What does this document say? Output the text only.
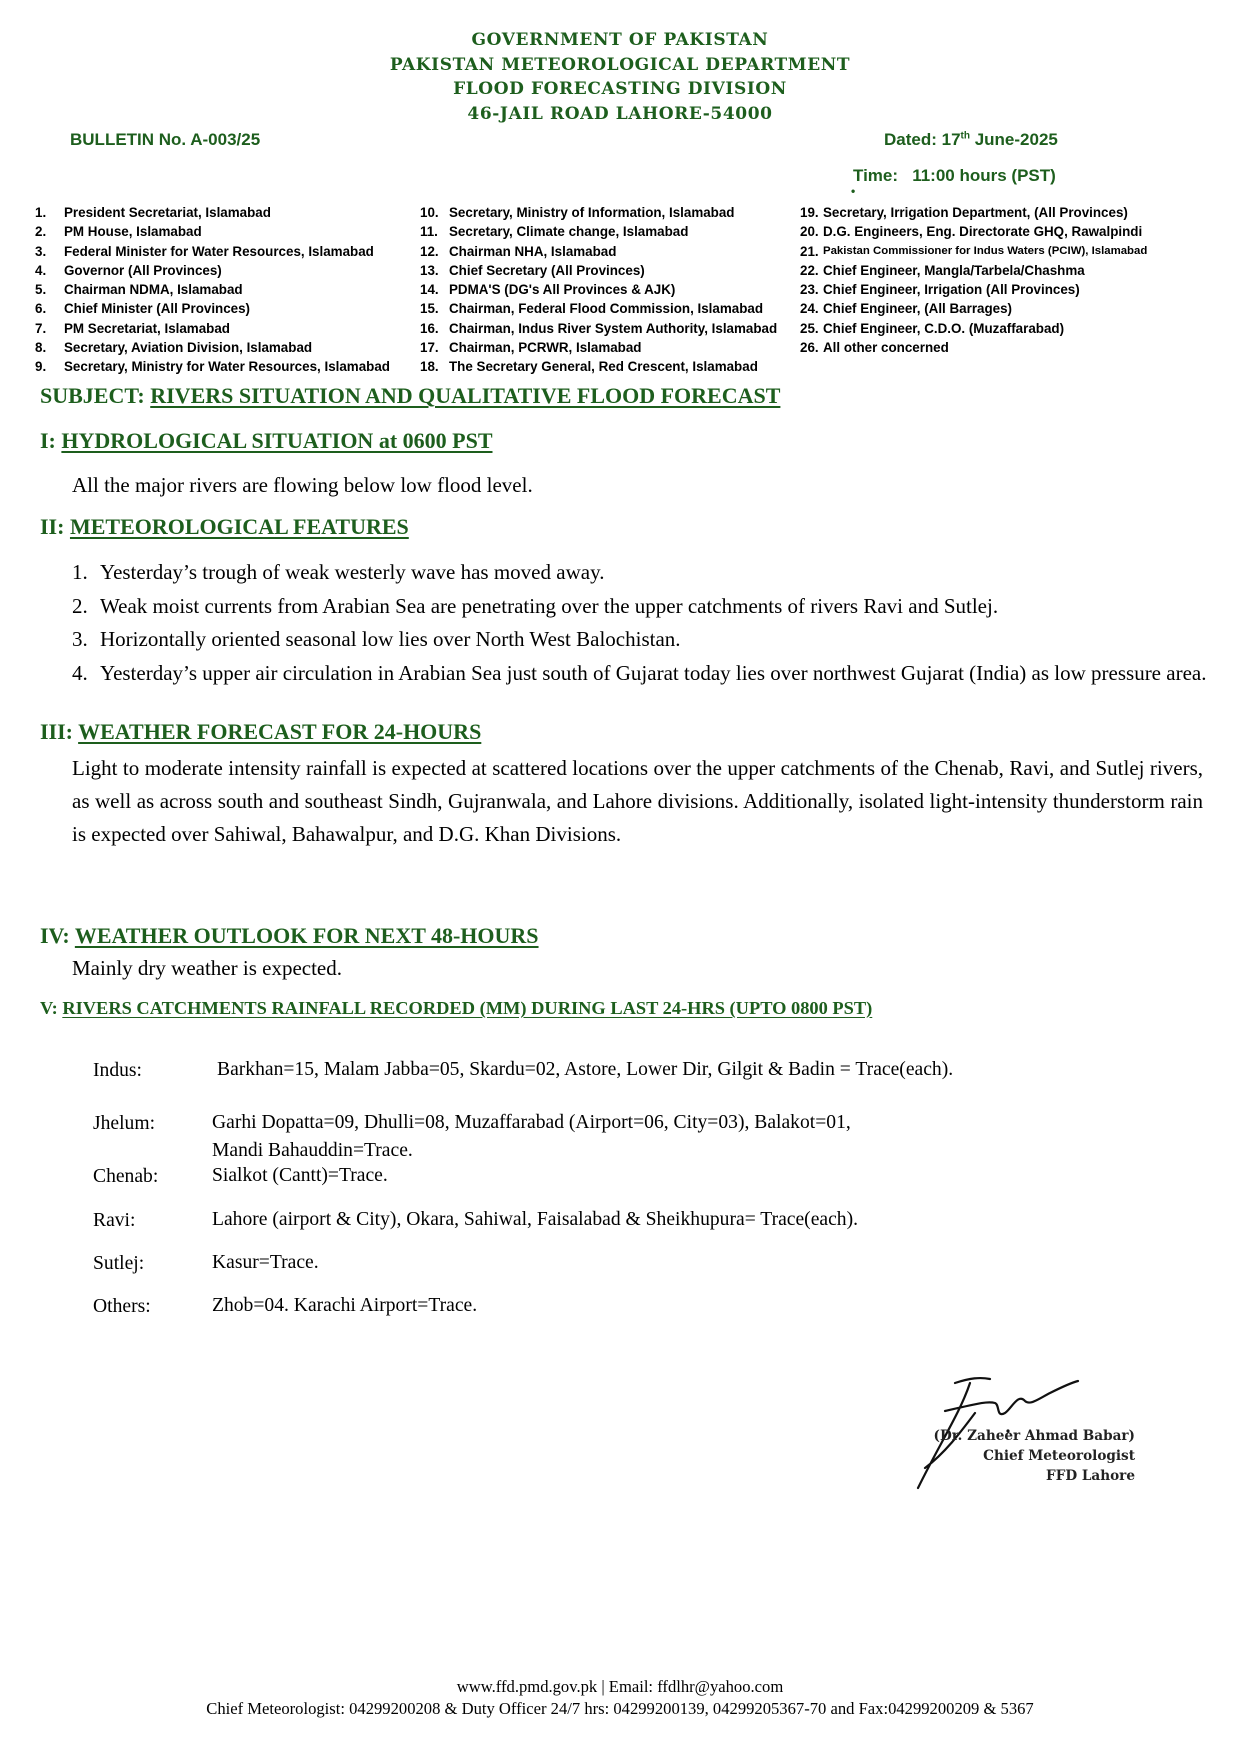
GOVERNMENT OF PAKISTAN
PAKISTAN METEOROLOGICAL DEPARTMENT
FLOOD FORECASTING DIVISION
46-JAIL ROAD LAHORE-54000
BULLETIN No. A-003/25	Dated: 17th June-2025
Time:   11:00 hours (PST)
•
1.	President Secretariat, Islamabad
2.	PM House, Islamabad
3.	Federal Minister for Water Resources, Islamabad
4.	Governor (All Provinces)
5.	Chairman NDMA, Islamabad
6.	Chief Minister (All Provinces)
7.	PM Secretariat, Islamabad
8.	Secretary, Aviation Division, Islamabad
9.	Secretary, Ministry for Water Resources, Islamabad
10. Secretary, Ministry of Information, Islamabad
11. Secretary, Climate change, Islamabad
12. Chairman NHA, Islamabad
13. Chief Secretary (All Provinces)
14. PDMA'S (DG's All Provinces & AJK)
15. Chairman, Federal Flood Commission, Islamabad
16. Chairman, Indus River System Authority, Islamabad
17. Chairman, PCRWR, Islamabad
18. The Secretary General, Red Crescent, Islamabad
19. Secretary, Irrigation Department, (All Provinces)
20. D.G. Engineers, Eng. Directorate GHQ, Rawalpindi
21. Pakistan Commissioner for Indus Waters (PCIW), Islamabad
22. Chief Engineer, Mangla/Tarbela/Chashma
23. Chief Engineer, Irrigation (All Provinces)
24. Chief Engineer, (All Barrages)
25. Chief Engineer, C.D.O. (Muzaffarabad)
26. All other concerned
SUBJECT: RIVERS SITUATION AND QUALITATIVE FLOOD FORECAST
I: HYDROLOGICAL SITUATION at 0600 PST
All the major rivers are flowing below low flood level.
II: METEOROLOGICAL FEATURES
1. Yesterday’s trough of weak westerly wave has moved away.
2. Weak moist currents from Arabian Sea are penetrating over the upper catchments of rivers Ravi and Sutlej.
3. Horizontally oriented seasonal low lies over North West Balochistan.
4. Yesterday’s upper air circulation in Arabian Sea just south of Gujarat today lies over northwest Gujarat (India) as low pressure area.
III: WEATHER FORECAST FOR 24-HOURS
Light to moderate intensity rainfall is expected at scattered locations over the upper catchments of the Chenab, Ravi, and Sutlej rivers, as well as across south and southeast Sindh, Gujranwala, and Lahore divisions. Additionally, isolated light-intensity thunderstorm rain is expected over Sahiwal, Bahawalpur, and D.G. Khan Divisions.
IV: WEATHER OUTLOOK FOR NEXT 48-HOURS
Mainly dry weather is expected.
V: RIVERS CATCHMENTS RAINFALL RECORDED (MM) DURING LAST 24-HRS (UPTO 0800 PST)
Indus:	Barkhan=15, Malam Jabba=05, Skardu=02, Astore, Lower Dir, Gilgit & Badin = Trace(each).
Jhelum:	Garhi Dopatta=09, Dhulli=08, Muzaffarabad (Airport=06, City=03), Balakot=01,
Mandi Bahauddin=Trace.
Chenab:	Sialkot (Cantt)=Trace.
Ravi:	Lahore (airport & City), Okara, Sahiwal, Faisalabad & Sheikhupura= Trace(each).
Sutlej:	Kasur=Trace.
Others:	Zhob=04. Karachi Airport=Trace.
(Dr. Zaheer Ahmad Babar)
Chief Meteorologist
FFD Lahore
www.ffd.pmd.gov.pk | Email: ffdlhr@yahoo.com
Chief Meteorologist: 04299200208 & Duty Officer 24/7 hrs: 04299200139, 04299205367-70 and Fax:04299200209 & 5367
